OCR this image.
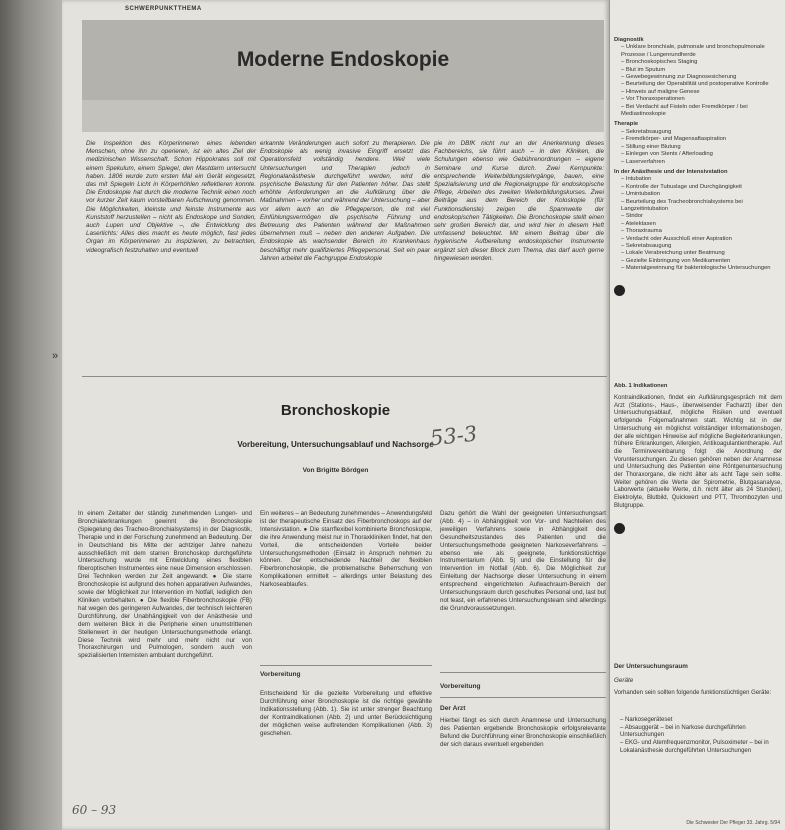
»
SCHWERPUNKTTHEMA
Moderne Endoskopie

Die Inspektion des Körperinneren eines lebenden Menschen, ohne ihn zu operieren, ist ein altes Ziel der medizinischen Wissenschaft. Schon Hippokrates soll mit einem Spekulum, einem Spiegel, den Mastdarm untersucht haben. 1806 wurde zum ersten Mal ein Gerät eingesetzt, das mit Spiegeln Licht in Körperhöhlen reflektieren konnte. Die Endoskopie hat durch die moderne Technik einen noch vor kurzer Zeit kaum vorstellbaren Aufschwung genommen. Die Möglichkeiten, kleinste und feinste Instrumente aus Kunststoff herzustellen – nicht als Endoskope und Sonden, auch Lupen und Objektive –, die Entwicklung des Laserlichts: Alles dies macht es heute möglich, fast jedes Organ im Körperinneren zu inspizieren, zu betrachten, videografisch festzuhalten und eventuell

erkannte Veränderungen auch sofort zu therapieren. Die Endoskopie als wenig invasive Eingriff ersetzt das Operationsfeld vollständig hendere. Weil viele Untersuchungen und Therapien jedoch in Regionalanästhesie durchgeführt werden, wird die psychische Belastung für den Patienten höher. Das stellt erhöhte Anforderungen an die Aufklärung über die Maßnahmen – vorher und während der Untersuchung – aber vor allem auch an die Pflegeperson, die mit viel Einfühlungsvermögen die psychische Führung und Betreuung des Patienten während der Maßnahmen übernehmen muß – neben den anderen Aufgaben. Die Endoskopie als wachsender Bereich im Krankenhaus beschäftigt mehr qualifiziertes Pflegepersonal. Seit ein paar Jahren arbeitet die Fachgruppe Endoskopie

pie im DBfK nicht nur an der Anerkennung dieses Fachbereichs, sie führt auch – in den Kliniken, die Schulungen ebenso wie Gebührenordnungen – eigene Seminare und Kurse durch. Zwei Kernpunkte: entsprechende Weiterbildungslehrgänge, bauen, eine Spezialisierung und die Regionalgruppe für endoskopische Pflege, Arbeiten des zweiten Weiterbildungskurses. Zwei Beiträge aus dem Bereich der Koloskopie (für Funktionsdienste) zeigen die Spannweite der endoskopischen Tätigkeiten. Die Bronchoskopie stellt einen sehr großen Bereich dar, und wird hier in diesem Heft umfassend beleuchtet. Mit einem Beitrag über die hygienische Aufbereitung endoskopischer Instrumente ergänzt sich dieser Block zum Thema, das darf auch gerne hingewiesen werden.

Bronchoskopie
Vorbereitung, Untersuchungsablauf und Nachsorge
Von Brigitte Bördgen
53-3

In einem Zeitalter der ständig zunehmenden Lungen- und Bronchialerkrankungen gewinnt die Bronchoskopie (Spiegelung des Tracheo-Bronchialsystems) in der Diagnostik, Therapie und in der Forschung zunehmend an Bedeutung. Der in Deutschland bis Mitte der achtziger Jahre nahezu ausschließlich mit dem starren Bronchoskop durchgeführte Untersuchung wurde mit Entwicklung eines flexiblen fiberoptischen Instrumentes eine neue Dimension erschlossen. Drei Techniken werden zur Zeit angewandt. ● Die starre Bronchoskopie ist aufgrund des hohen apparativen Aufwandes, sowie der Möglichkeit zur Intervention im Notfall, lediglich den Kliniken vorbehalten. ● Die flexible Fiberbronchoskopie (FB) hat wegen des geringeren Aufwandes, der technisch leichteren Durchführung, der Unabhängigkeit von der Anästhesie und dem weiteren Blick in die Peripherie einen unumstrittenen Stellenwert in der heutigen Untersuchungsmethode erlangt. Diese Technik wird mehr und mehr nicht nur von Thoraxchirurgen und Pulmologen, sondern auch von spezialisierten Internisten ambulant durchgeführt.

Ein weiteres – an Bedeutung zunehmendes – Anwendungsfeld ist der therapeutische Einsatz des Fiberbronchoskops auf der Intensivstation. ● Die starrflexibel kombinierte Bronchoskopie, die ihre Anwendung meist nur in Thoraxkliniken findet, hat den Vorteil, die entscheidenden Vorteile beider Untersuchungsmethoden (Einsatz in Anspruch nehmen zu können. Der entscheidende Nachteil der flexiblen Fiberbronchoskopie, die problematische Beherrschung von Komplikationen ermittelt – allerdings unter Belastung des Narkoseablaufes.

Vorbereitung

Entscheidend für die gezielte Vorbereitung und effektive Durchführung einer Bronchoskopie ist die richtige gewählte Indikationsstellung (Abb. 1). Sie ist unter strenger Beachtung der Kontraindikationen (Abb. 2) und unter Berücksichtigung der möglichen weise auftretenden Komplikationen (Abb. 3) geschehen.

Dazu gehört die Wahl der geeigneten Untersuchungsart (Abb. 4) – in Abhängigkeit von Vor- und Nachteilen des jeweiligen Verfahrens sowie in Abhängigkeit des Gesundheitszustandes des Patienten und die Untersuchungsmethode geeigneten Narkoseverfahrens – ebenso wie als geeignete, funktionstüchtige Instrumentarium (Abb. 5) und die Einstellung für die Intervention im Notfall (Abb. 6). Die Möglichkeit zur Einleitung der Nachsorge dieser Untersuchung in einem entsprechend eingerichteten Aufwachraum-Bereich der Untersuchungsraum durch geschultes Personal und, last but not least, ein erfahrenes Untersuchungsteam sind allerdings die Grundvoraussetzungen.

Vorbereitung
Der Arzt

Hierbei fängt es sich durch Anamnese und Untersuchung des Patienten ergebende Bronchoskopie erfolgsrelevante Befund die Durchführung einer Bronchoskopie einschließlich der sich daraus eventuell ergebenden

60 – 93
Diagnostik
– Unklare bronchiale, pulmonale und bronchopulmonale Prozesse / Lungenrundherde
– Bronchoskopisches Staging
– Blut im Sputum
– Gewebegewinnung zur Diagnosesicherung
– Beurteilung der Operabilität und postoperative Kontrolle
– Hinweis auf maligne Genese
– Vor Thoraxoperationen
– Bei Verdacht auf Fisteln oder Fremdkörper / bei Mediastinoskopie
Therapie
– Sekretabsaugung
– Fremdkörper- und Magensaftaspiration
– Stillung einer Blutung
– Einlegen von Stents / Afterloading
– Laserverfahren
In der Anästhesie und der Intensivstation
– Intubation
– Kontrolle der Tubuslage und Durchgängigkeit
– Umintubation
– Beurteilung des Tracheobronchialsystems bei Langzeitintubation
– Stridor
– Atelektasen
– Thoraxtrauma
– Verdacht oder Ausschluß einer Aspiration
– Sekretabsaugung
– Lokale Verabreichung unter Beatmung
– Gezielte Einbringung von Medikamenten
– Materialgewinnung für bakteriologische Untersuchungen
Abb. 1 Indikationen

Kontraindikationen, findet ein Aufklärungsgespräch mit dem Arzt (Stations-, Haus-, überweisender Facharzt) über den Untersuchungsablauf, mögliche Risiken und eventuell erfolgende Folgemaßnahmen statt. Wichtig ist in der Untersuchung ein möglichst vollständiger Informationsbogen, der alle wichtigen Hinweise auf mögliche Begleiterkrankungen, frühere Erkrankungen, Allergien, Antikoagulantientherapie. Auf die Terminvereinbarung folgt die Anordnung der Voruntersuchungen. Zu diesen gehören neben der Anamnese und Untersuchung des Patienten eine Röntgenuntersuchung der Thoraxorgane, die nicht älter als acht Tage sein sollte. Weiter gehören die Werte der Spirometrie, Blutgasanalyse, Laborwerte (aktuelle Werte, d.h. nicht älter als 24 Stunden), Elektrolyte, Blutbild, Quickwert und PTT, Thrombozyten und Blutgruppe.

Der Untersuchungsraum
Geräte

Vorhanden sein sollten folgende funktionstüchtigen Geräte:

– Narkosegeräteset
– Absauggerät – bei in Narkose durchgeführten Untersuchungen
– EKG- und Atemfrequenzmonitor, Pulsoximeter – bei in Lokalanästhesie durchgeführten Untersuchungen
Die Schwester Der Pfleger 33. Jahrg. 5/94
